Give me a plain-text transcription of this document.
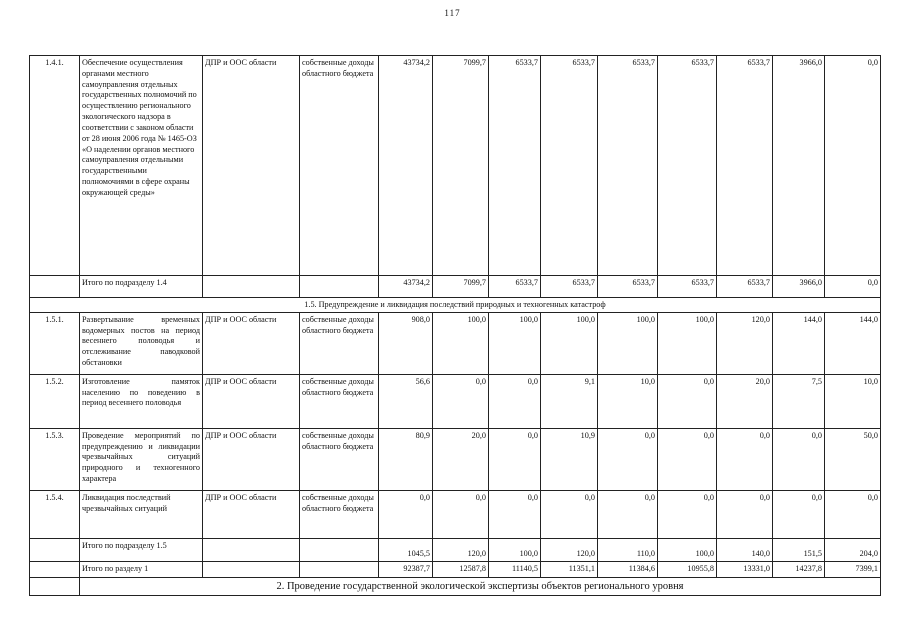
117
1.4.1.	Обеспечение осуществления органами местного самоуправления отдельных государственных полномочий по осуществлению регионального экологического надзора в соответствии с законом области от 28 июня 2006 года № 1465-ОЗ «О наделении органов местного самоуправления отдельными государственными полномочиями в сфере охраны окружающей среды»	ДПР и ООС области	собственные доходы областного бюджета	43734,2	7099,7	6533,7	6533,7	6533,7	6533,7	6533,7	3966,0	0,0
	Итого по подразделу 1.4			43734,2	7099,7	6533,7	6533,7	6533,7	6533,7	6533,7	3966,0	0,0
1.5. Предупреждение и ликвидация последствий природных и техногенных катастроф												
1.5.1.	Развертывание временных водомерных постов на период весеннего половодья и отслеживание паводковой обстановки	ДПР и ООС области	собственные доходы областного бюджета	908,0	100,0	100,0	100,0	100,0	100,0	120,0	144,0	144,0
1.5.2.	Изготовление памяток населению по поведению в период весеннего половодья	ДПР и ООС области	собственные доходы областного бюджета	56,6	0,0	0,0	9,1	10,0	0,0	20,0	7,5	10,0
1.5.3.	Проведение мероприятий по предупреждению и ликвидации чрезвычайных ситуаций природного и техногенного характера	ДПР и ООС области	собственные доходы областного бюджета	80,9	20,0	0,0	10,9	0,0	0,0	0,0	0,0	50,0
1.5.4.	Ликвидация последствий чрезвычайных ситуаций	ДПР и ООС области	собственные доходы областного бюджета	0,0	0,0	0,0	0,0	0,0	0,0	0,0	0,0	0,0
	Итого по подразделу 1.5			1045,5	120,0	100,0	120,0	110,0	100,0	140,0	151,5	204,0
	Итого по разделу 1			92387,7	12587,8	11140,5	11351,1	11384,6	10955,8	13331,0	14237,8	7399,1
	2. Проведение государственной экологической экспертизы объектов регионального уровня											
